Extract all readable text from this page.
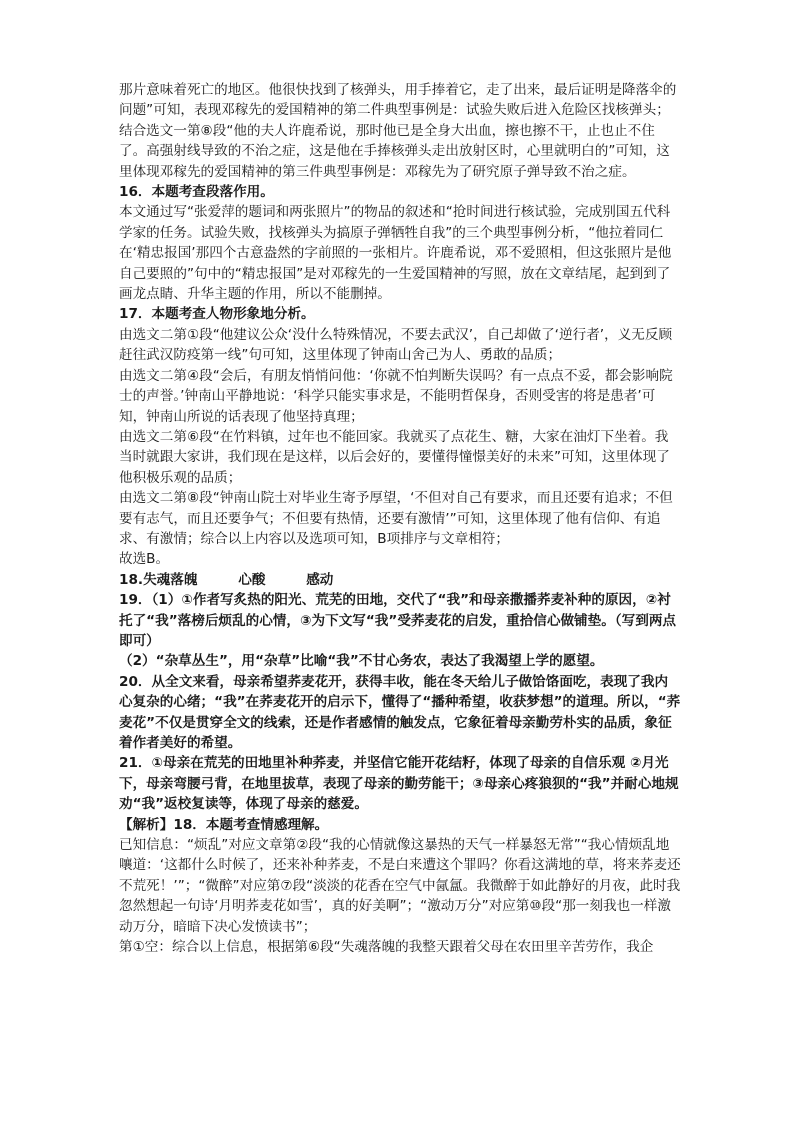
那片意味着死亡的地区。他很快找到了核弹头，用手捧着它，走了出来，最后证明是降落伞的问题”可知，表现邓稼先的爱国精神的第二件典型事例是：试验失败后进入危险区找核弹头；

结合选文一第⑧段“他的夫人许鹿希说，那时他已是全身大出血，擦也擦不干，止也止不住了。高强射线导致的不治之症，这是他在手捧核弹头走出放射区时，心里就明白的”可知，这里体现邓稼先的爱国精神的第三件典型事例是：邓稼先为了研究原子弹导致不治之症。

16．本题考查段落作用。

本文通过写“张爱萍的题词和两张照片”的物品的叙述和“抢时间进行核试验，完成别国五代科学家的任务。试验失败，找核弹头为搞原子弹牺牲自我”的三个典型事例分析，“他拉着同仁在‘精忠报国’那四个古意盎然的字前照的一张相片。许鹿希说，邓不爱照相，但这张照片是他自己要照的”句中的“精忠报国”是对邓稼先的一生爱国精神的写照，放在文章结尾，起到到了画龙点睛、升华主题的作用，所以不能删掉。

17．本题考查人物形象地分析。

由选文二第①段“他建议公众‘没什么特殊情况，不要去武汉’，自己却做了‘逆行者’，义无反顾赶往武汉防疫第一线”句可知，这里体现了钟南山舍己为人、勇敢的品质；

由选文二第④段“会后，有朋友悄悄问他：‘你就不怕判断失误吗？有一点点不妥，都会影响院士的声誉。’钟南山平静地说：‘科学只能实事求是，不能明哲保身，否则受害的将是患者’可知，钟南山所说的话表现了他坚持真理；

由选文二第⑥段“在竹料镇，过年也不能回家。我就买了点花生、糖，大家在油灯下坐着。我当时就跟大家讲，我们现在是这样，以后会好的，要懂得憧憬美好的未来”可知，这里体现了他积极乐观的品质；

由选文二第⑧段“钟南山院士对毕业生寄予厚望，‘不但对自己有要求，而且还要有追求；不但要有志气，而且还要争气；不但要有热情，还要有激情’”可知，这里体现了他有信仰、有追求、有激情；综合以上内容以及选项可知，B项排序与文章相符；

故选B。

18.失魂落魄　　　心酸　　　感动

19．（1）①作者写炙热的阳光、荒芜的田地，交代了“我”和母亲撒播荞麦补种的原因，②衬托了“我”落榜后烦乱的心情，③为下文写“我”受荞麦花的启发，重拾信心做铺垫。（写到两点即可）

（2）“杂草丛生”，用“杂草”比喻“我”不甘心务农，表达了我渴望上学的愿望。

20．从全文来看，母亲希望荞麦花开，获得丰收，能在冬天给儿子做饸饹面吃，表现了我内心复杂的心绪；“我”在荞麦花开的启示下，懂得了“播种希望，收获梦想”的道理。所以，“荞麦花”不仅是贯穿全文的线索，还是作者感情的触发点，它象征着母亲勤劳朴实的品质，象征着作者美好的希望。

21．①母亲在荒芜的田地里补种荞麦，并坚信它能开花结籽，体现了母亲的自信乐观 ②月光下，母亲弯腰弓背，在地里拔草，表现了母亲的勤劳能干；③母亲心疼狼狈的“我”并耐心地规劝“我”返校复读等，体现了母亲的慈爱。

【解析】18．本题考查情感理解。

已知信息：“烦乱”对应文章第②段“我的心情就像这暴热的天气一样暴怒无常”“我心情烦乱地嚷道：‘这都什么时候了，还来补种荞麦，不是白来遭这个罪吗？你看这满地的草，将来荞麦还不荒死！’”；“微醉”对应第⑦段“淡淡的花香在空气中氤氲。我微醉于如此静好的月夜，此时我忽然想起一句诗‘月明荞麦花如雪’，真的好美啊”；“激动万分”对应第⑩段“那一刻我也一样激动万分，暗暗下决心发愤读书”；

第①空：综合以上信息，根据第⑥段“失魂落魄的我整天跟着父母在农田里辛苦劳作，我企
